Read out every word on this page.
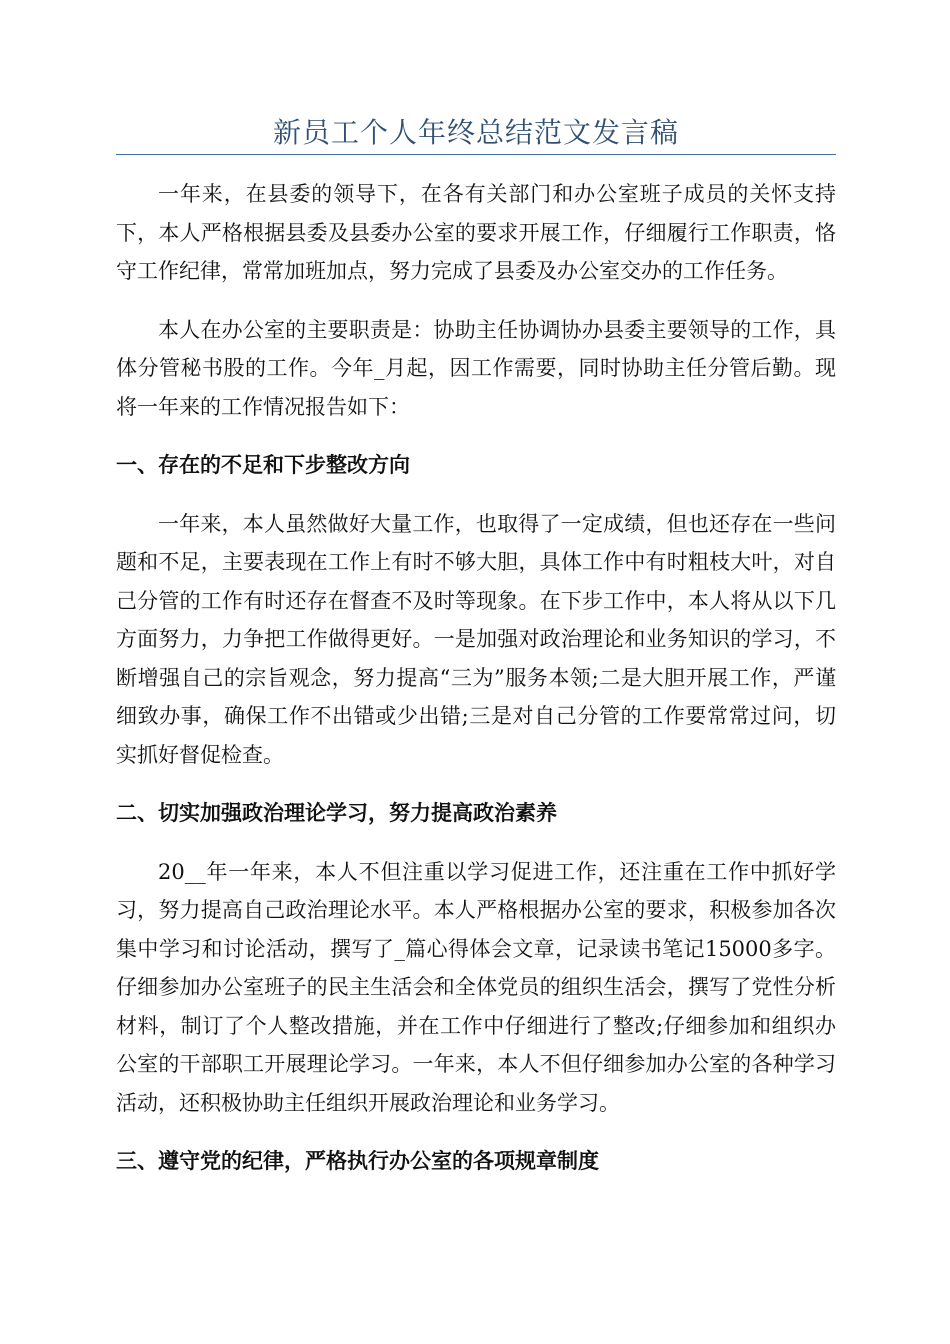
新员工个人年终总结范文发言稿

一年来，在县委的领导下，在各有关部门和办公室班子成员的关怀支持下，本人严格根据县委及县委办公室的要求开展工作，仔细履行工作职责，恪守工作纪律，常常加班加点，努力完成了县委及办公室交办的工作任务。

本人在办公室的主要职责是：协助主任协调协办县委主要领导的工作，具体分管秘书股的工作。今年_月起，因工作需要，同时协助主任分管后勤。现将一年来的工作情况报告如下：

一、存在的不足和下步整改方向

一年来，本人虽然做好大量工作，也取得了一定成绩，但也还存在一些问题和不足，主要表现在工作上有时不够大胆，具体工作中有时粗枝大叶，对自己分管的工作有时还存在督查不及时等现象。在下步工作中，本人将从以下几方面努力，力争把工作做得更好。一是加强对政治理论和业务知识的学习，不断增强自己的宗旨观念，努力提高“三为”服务本领;二是大胆开展工作，严谨细致办事，确保工作不出错或少出错;三是对自己分管的工作要常常过问，切实抓好督促检查。

二、切实加强政治理论学习，努力提高政治素养

20__年一年来，本人不但注重以学习促进工作，还注重在工作中抓好学习，努力提高自己政治理论水平。本人严格根据办公室的要求，积极参加各次集中学习和讨论活动，撰写了_篇心得体会文章，记录读书笔记15000多字。仔细参加办公室班子的民主生活会和全体党员的组织生活会，撰写了党性分析材料，制订了个人整改措施，并在工作中仔细进行了整改;仔细参加和组织办公室的干部职工开展理论学习。一年来，本人不但仔细参加办公室的各种学习活动，还积极协助主任组织开展政治理论和业务学习。

三、遵守党的纪律，严格执行办公室的各项规章制度
